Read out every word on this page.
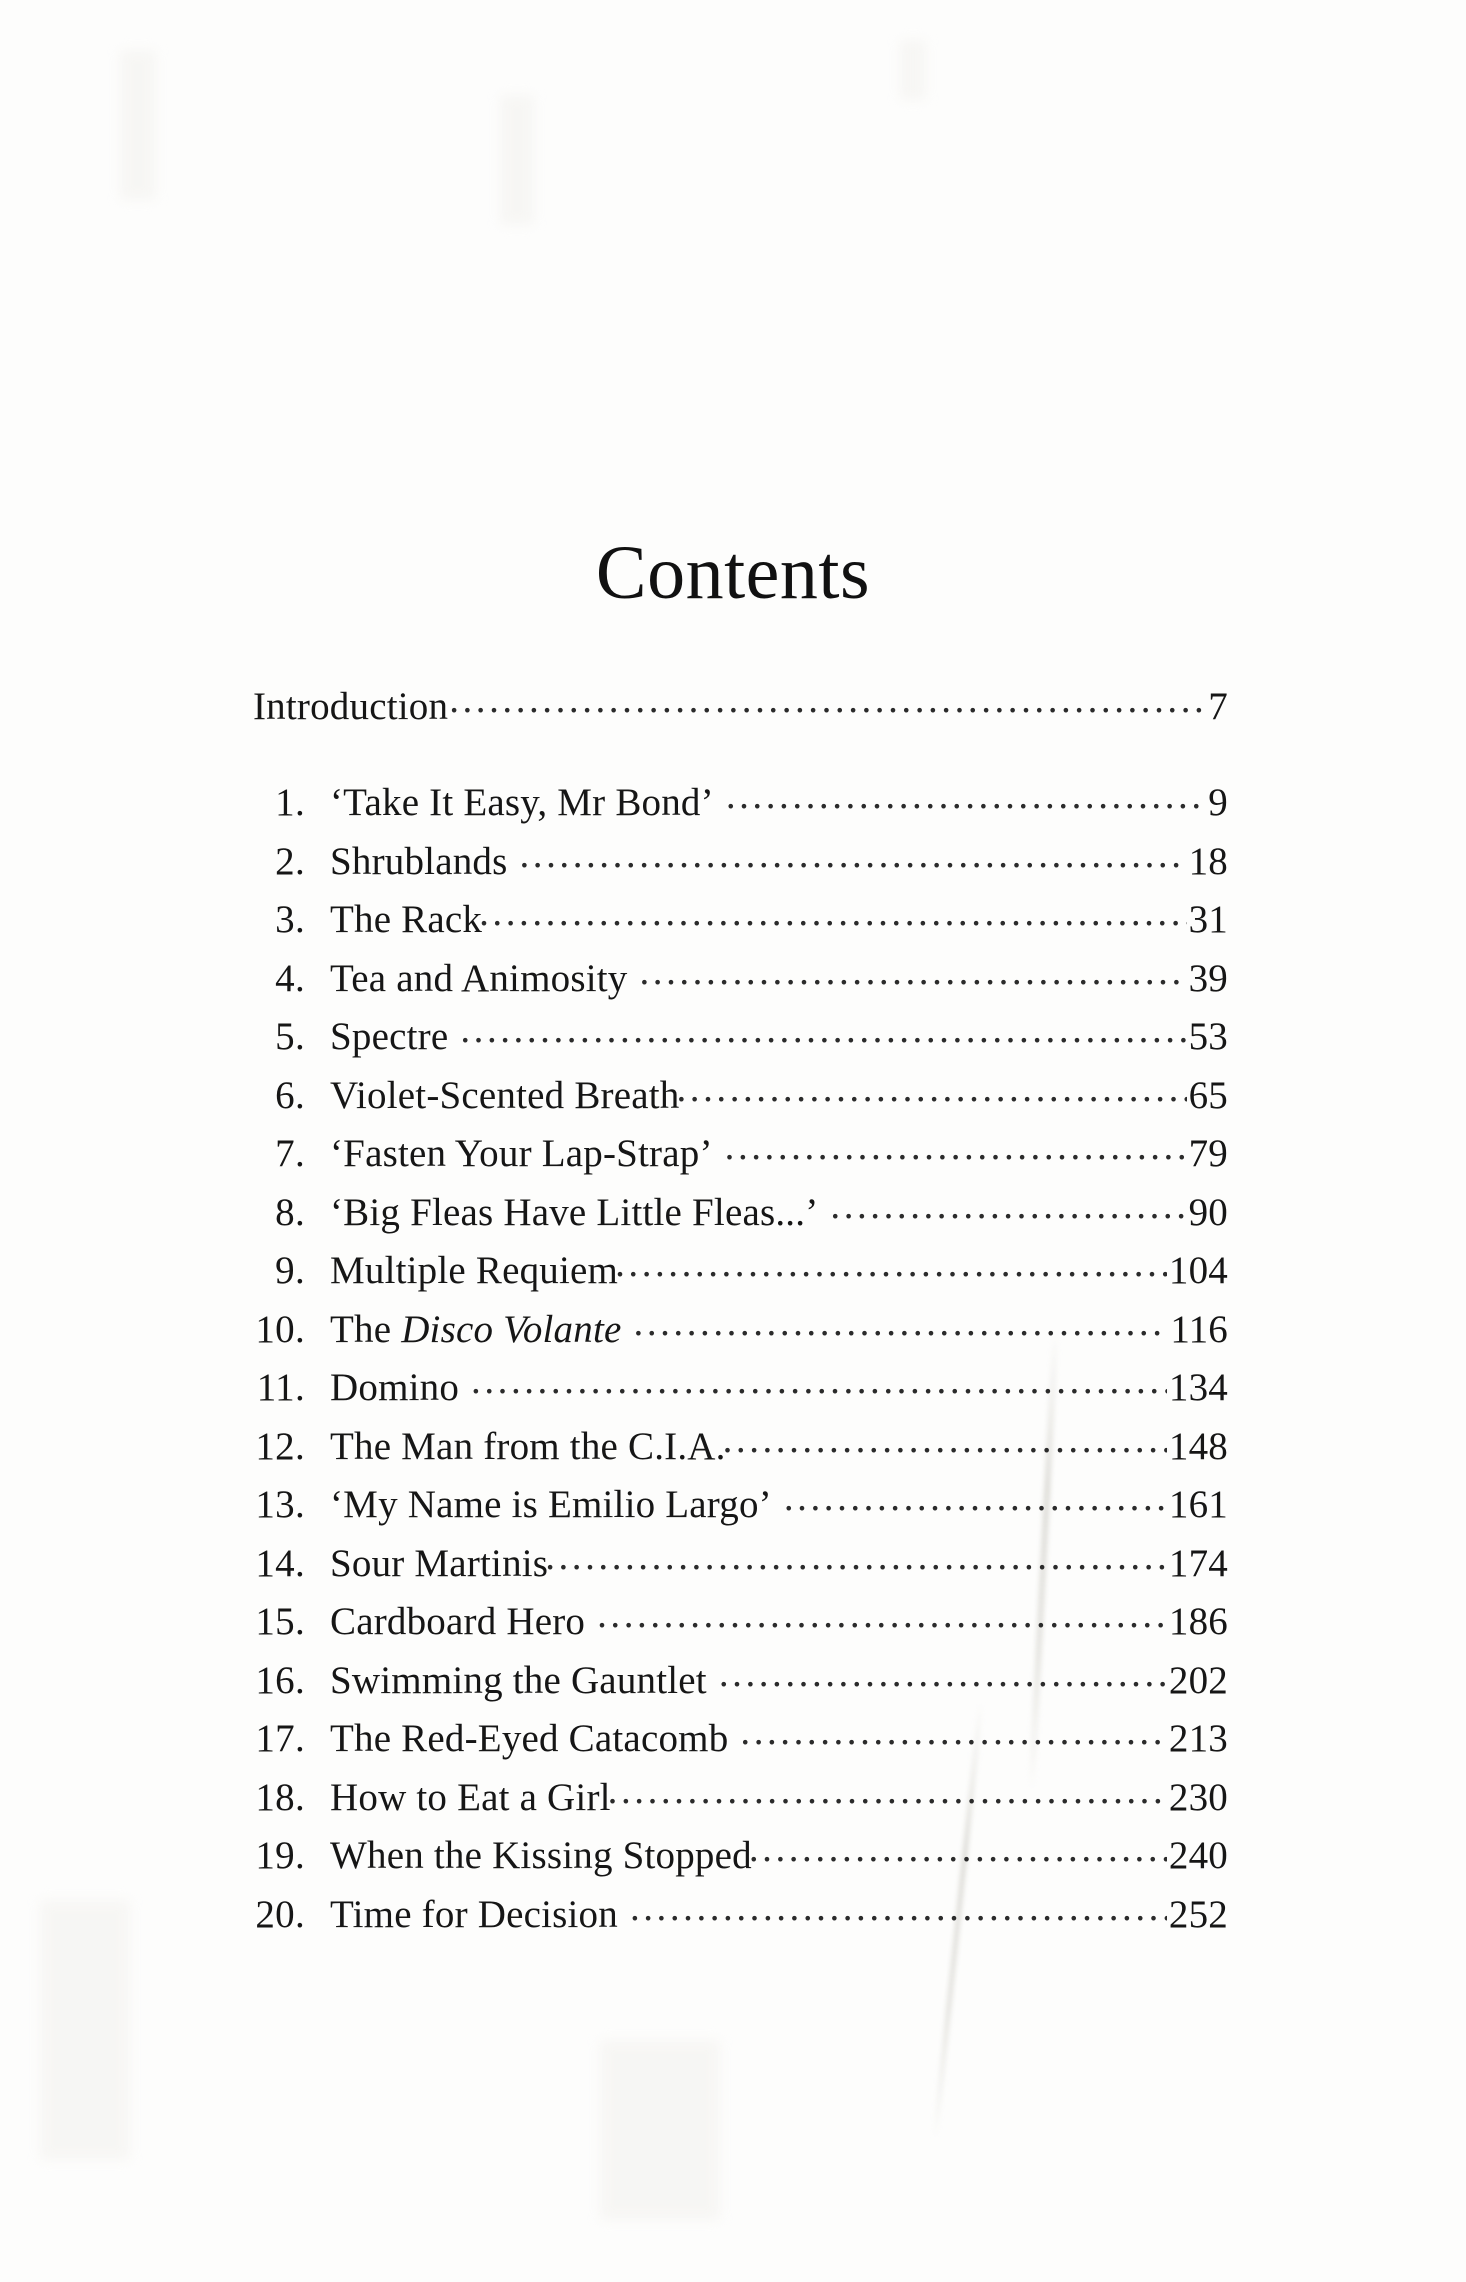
Contents
Introduction . . .	7
1. ‘Take It Easy, Mr Bond’ . . .	9
2. Shrublands . . .	18
3. The Rack . . .	31
4. Tea and Animosity . . .	39
5. Spectre . . .	53
6. Violet-Scented Breath . . .	65
7. ‘Fasten Your Lap-Strap’ . . .	79
8. ‘Big Fleas Have Little Fleas...’ . . .	90
9. Multiple Requiem . . .	104
10. The Disco Volante . . .	116
11. Domino . . .	134
12. The Man from the C.I.A. . . .	148
13. ‘My Name is Emilio Largo’ . . .	161
14. Sour Martinis . . .	174
15. Cardboard Hero . . .	186
16. Swimming the Gauntlet . . .	202
17. The Red-Eyed Catacomb . . .	213
18. How to Eat a Girl . . .	230
19. When the Kissing Stopped . . .	240
20. Time for Decision . . .	252
